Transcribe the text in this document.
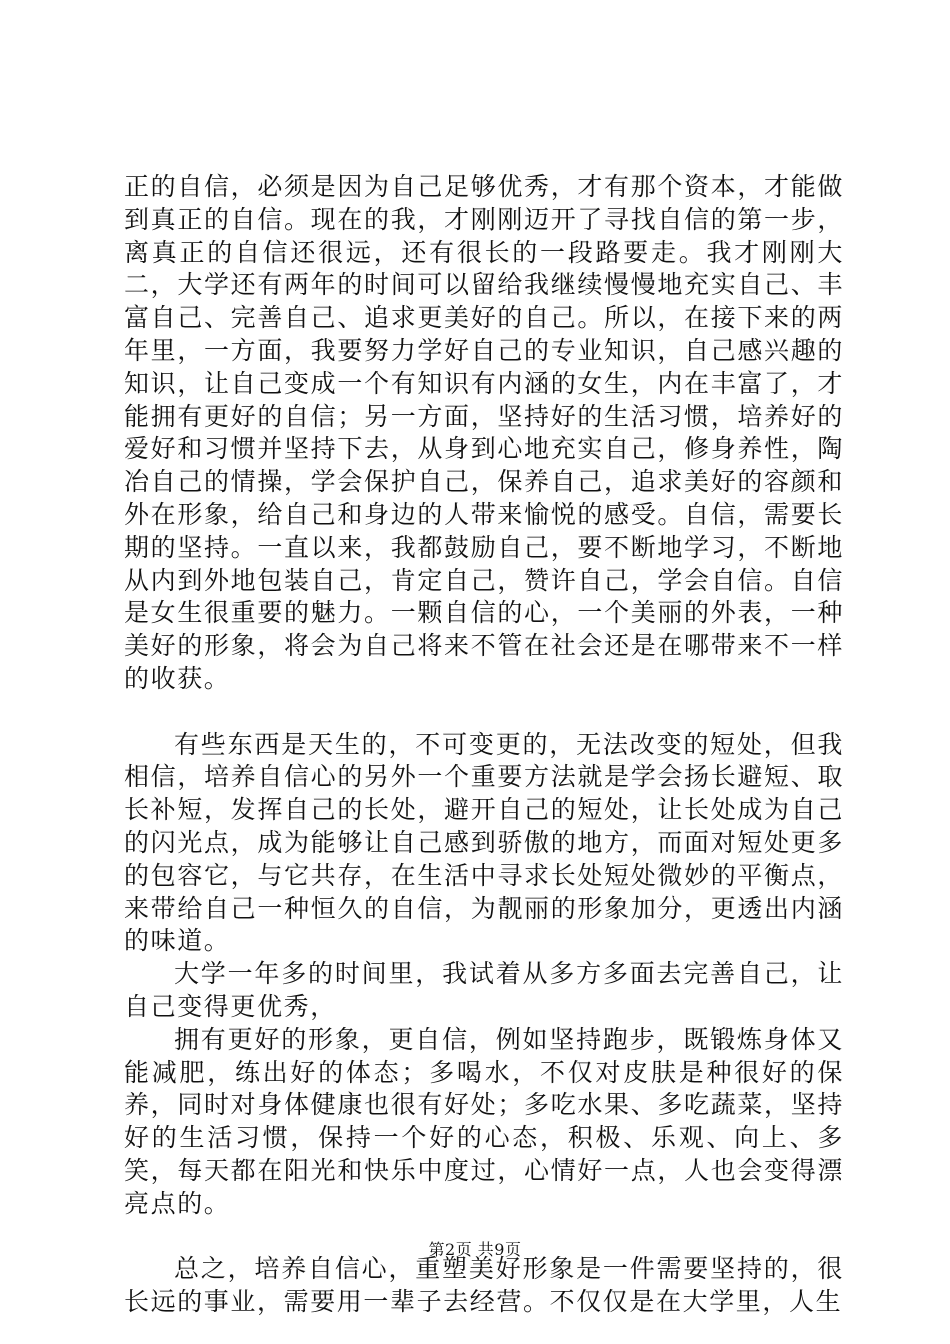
正的自信，必须是因为自己足够优秀，才有那个资本，才能做到真正的自信。现在的我，才刚刚迈开了寻找自信的第一步，离真正的自信还很远，还有很长的一段路要走。我才刚刚大二，大学还有两年的时间可以留给我继续慢慢地充实自己、丰富自己、完善自己、追求更美好的自己。所以，在接下来的两年里，一方面，我要努力学好自己的专业知识，自己感兴趣的知识，让自己变成一个有知识有内涵的女生，内在丰富了，才能拥有更好的自信；另一方面，坚持好的生活习惯，培养好的爱好和习惯并坚持下去，从身到心地充实自己，修身养性，陶冶自己的情操，学会保护自己，保养自己，追求美好的容颜和外在形象，给自己和身边的人带来愉悦的感受。自信，需要长期的坚持。一直以来，我都鼓励自己，要不断地学习，不断地从内到外地包装自己，肯定自己，赞许自己，学会自信。自信是女生很重要的魅力。一颗自信的心，一个美丽的外表，一种美好的形象，将会为自己将来不管在社会还是在哪带来不一样的收获。

有些东西是天生的，不可变更的，无法改变的短处，但我相信，培养自信心的另外一个重要方法就是学会扬长避短、取长补短，发挥自己的长处，避开自己的短处，让长处成为自己的闪光点，成为能够让自己感到骄傲的地方，而面对短处更多的包容它，与它共存，在生活中寻求长处短处微妙的平衡点，来带给自己一种恒久的自信，为靓丽的形象加分，更透出内涵的味道。

大学一年多的时间里，我试着从多方多面去完善自己，让自己变得更优秀，

拥有更好的形象，更自信，例如坚持跑步，既锻炼身体又能减肥，练出好的体态；多喝水，不仅对皮肤是种很好的保养，同时对身体健康也很有好处；多吃水果、多吃蔬菜，坚持好的生活习惯，保持一个好的心态，积极、乐观、向上、多笑，每天都在阳光和快乐中度过，心情好一点，人也会变得漂亮点的。

总之，培养自信心，重塑美好形象是一件需要坚持的，很长远的事业，需要用一辈子去经营。不仅仅是在大学里，人生

第2页 共9页
